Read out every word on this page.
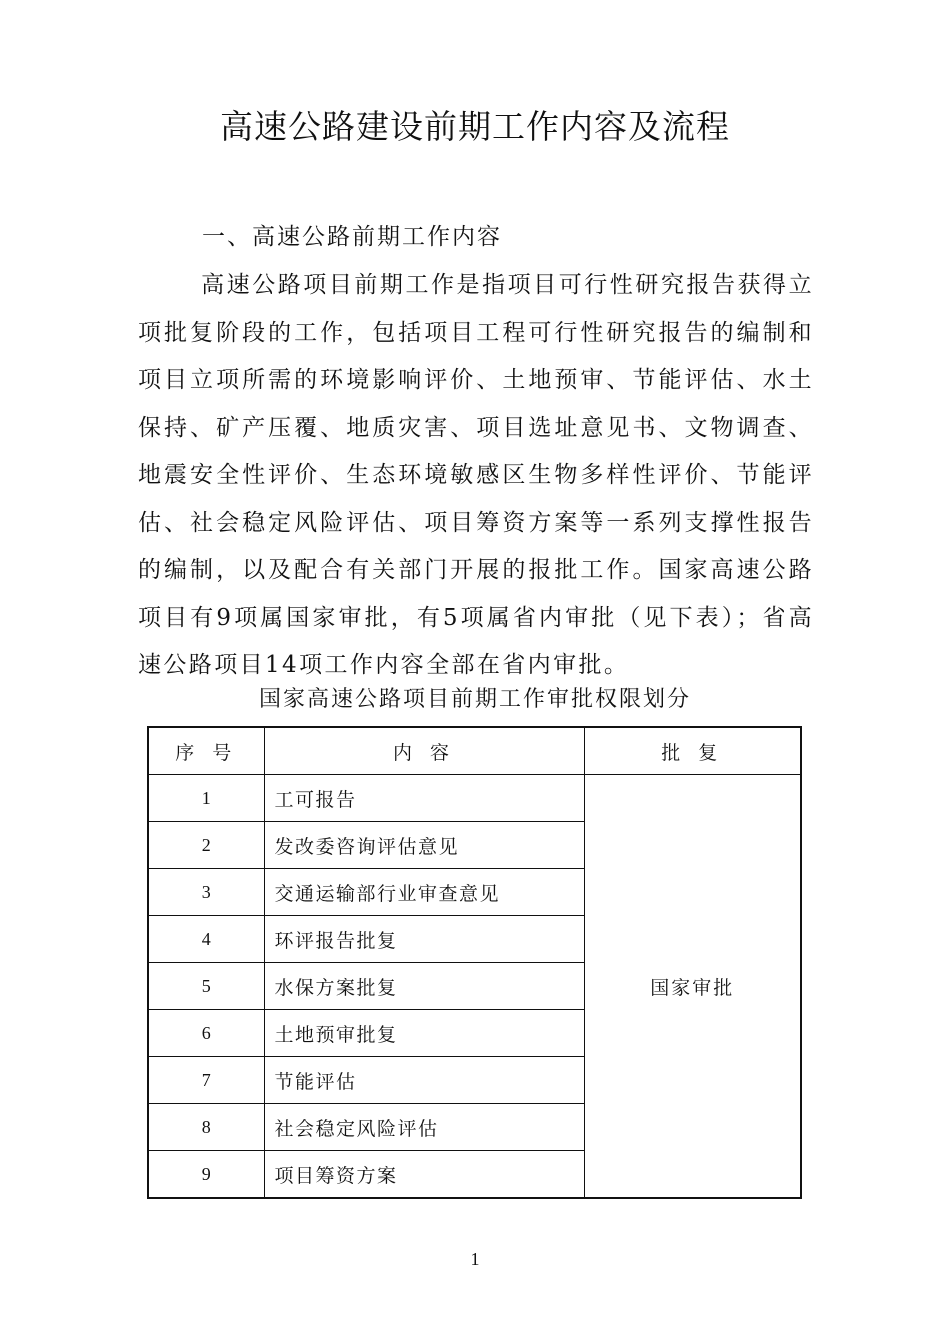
高速公路建设前期工作内容及流程
一、高速公路前期工作内容
高速公路项目前期工作是指项目可行性研究报告获得立项批复阶段的工作，包括项目工程可行性研究报告的编制和项目立项所需的环境影响评价、土地预审、节能评估、水土保持、矿产压覆、地质灾害、项目选址意见书、文物调查、地震安全性评价、生态环境敏感区生物多样性评价、节能评估、社会稳定风险评估、项目筹资方案等一系列支撑性报告的编制，以及配合有关部门开展的报批工作。国家高速公路项目有9项属国家审批，有5项属省内审批（见下表）；省高速公路项目14项工作内容全部在省内审批。
国家高速公路项目前期工作审批权限划分
序 号	内 容	批 复
1	工可报告	国家审批
2	发改委咨询评估意见	
3	交通运输部行业审查意见	
4	环评报告批复	
5	水保方案批复	
6	土地预审批复	
7	节能评估	
8	社会稳定风险评估	
9	项目筹资方案	
1
